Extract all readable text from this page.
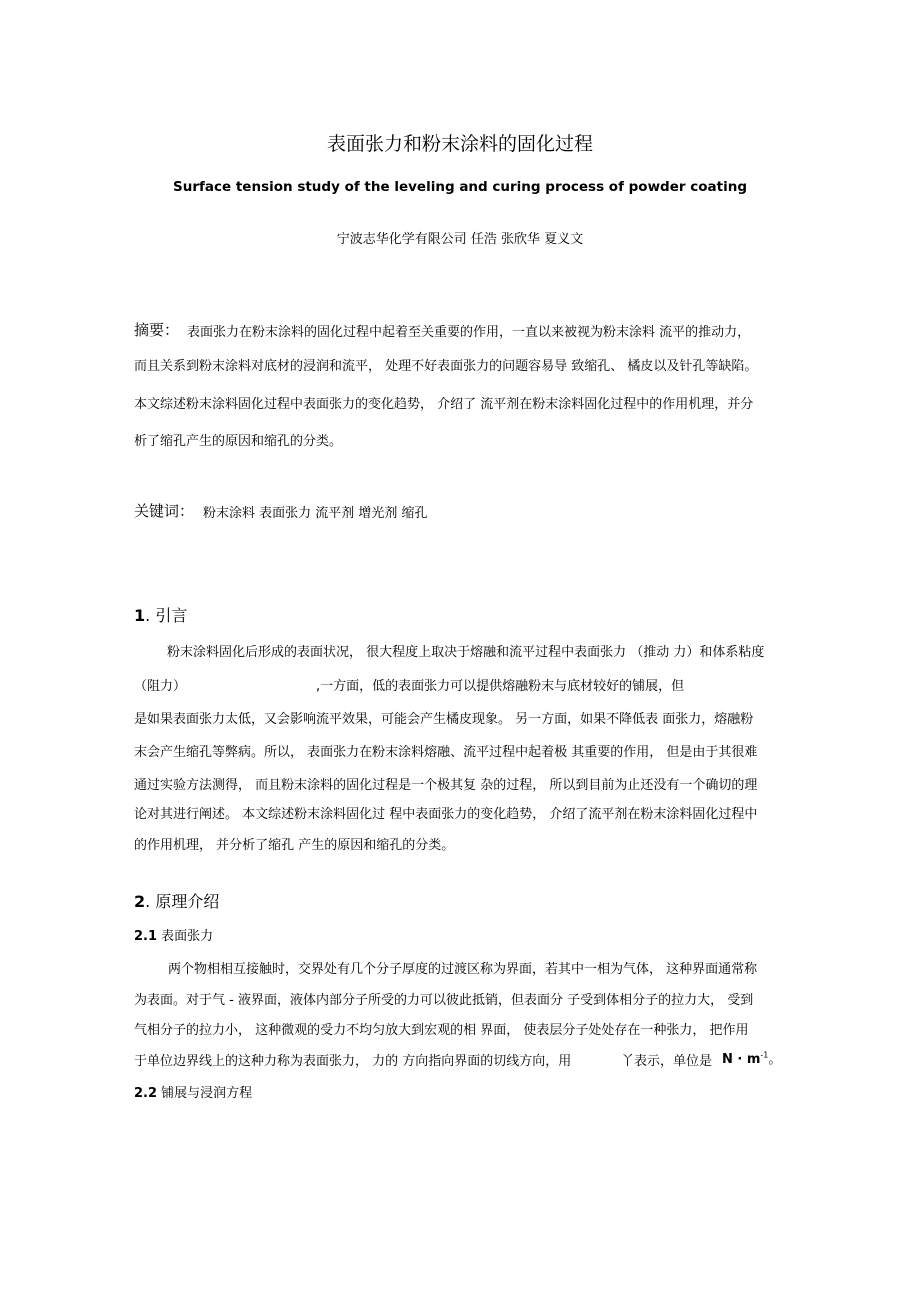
表面张力和粉末涂料的固化过程
Surface tension study of the leveling and curing process of powder coating
宁波志华化学有限公司 任浩 张欣华 夏义文
摘要： 表面张力在粉末涂料的固化过程中起着至关重要的作用，一直以来被视为粉末涂料 流平的推动力，
而且关系到粉末涂料对底材的浸润和流平， 处理不好表面张力的问题容易导 致缩孔、 橘皮以及针孔等缺陷。
本文综述粉末涂料固化过程中表面张力的变化趋势， 介绍了 流平剂在粉末涂料固化过程中的作用机理，并分
析了缩孔产生的原因和缩孔的分类。
关键词： 粉末涂料 表面张力 流平剂 增光剂 缩孔
1. 引言
粉末涂料固化后形成的表面状况， 很大程度上取决于熔融和流平过程中表面张力 （推动 力）和体系粘度
（阻力）	,一方面，低的表面张力可以提供熔融粉末与底材较好的铺展，但
是如果表面张力太低，又会影响流平效果，可能会产生橘皮现象。 另一方面，如果不降低表 面张力，熔融粉
末会产生缩孔等弊病。所以， 表面张力在粉末涂料熔融、流平过程中起着极 其重要的作用， 但是由于其很难
通过实验方法测得， 而且粉末涂料的固化过程是一个极其复 杂的过程， 所以到目前为止还没有一个确切的理
论对其进行阐述。 本文综述粉末涂料固化过 程中表面张力的变化趋势， 介绍了流平剂在粉末涂料固化过程中
的作用机理， 并分析了缩孔 产生的原因和缩孔的分类。
2. 原理介绍
2.1 表面张力
两个物相相互接触时，交界处有几个分子厚度的过渡区称为界面，若其中一相为气体， 这种界面通常称
为表面。对于气 - 液界面，液体内部分子所受的力可以彼此抵销，但表面分 子受到体相分子的拉力大， 受到
气相分子的拉力小， 这种微观的受力不均匀放大到宏观的相 界面， 使表层分子处处存在一种张力， 把作用
于单位边界线上的这种力称为表面张力， 力的 方向指向界面的切线方向，用	丫表示，单位是 $N \cdot m^{-1}$。
2.2 铺展与浸润方程
